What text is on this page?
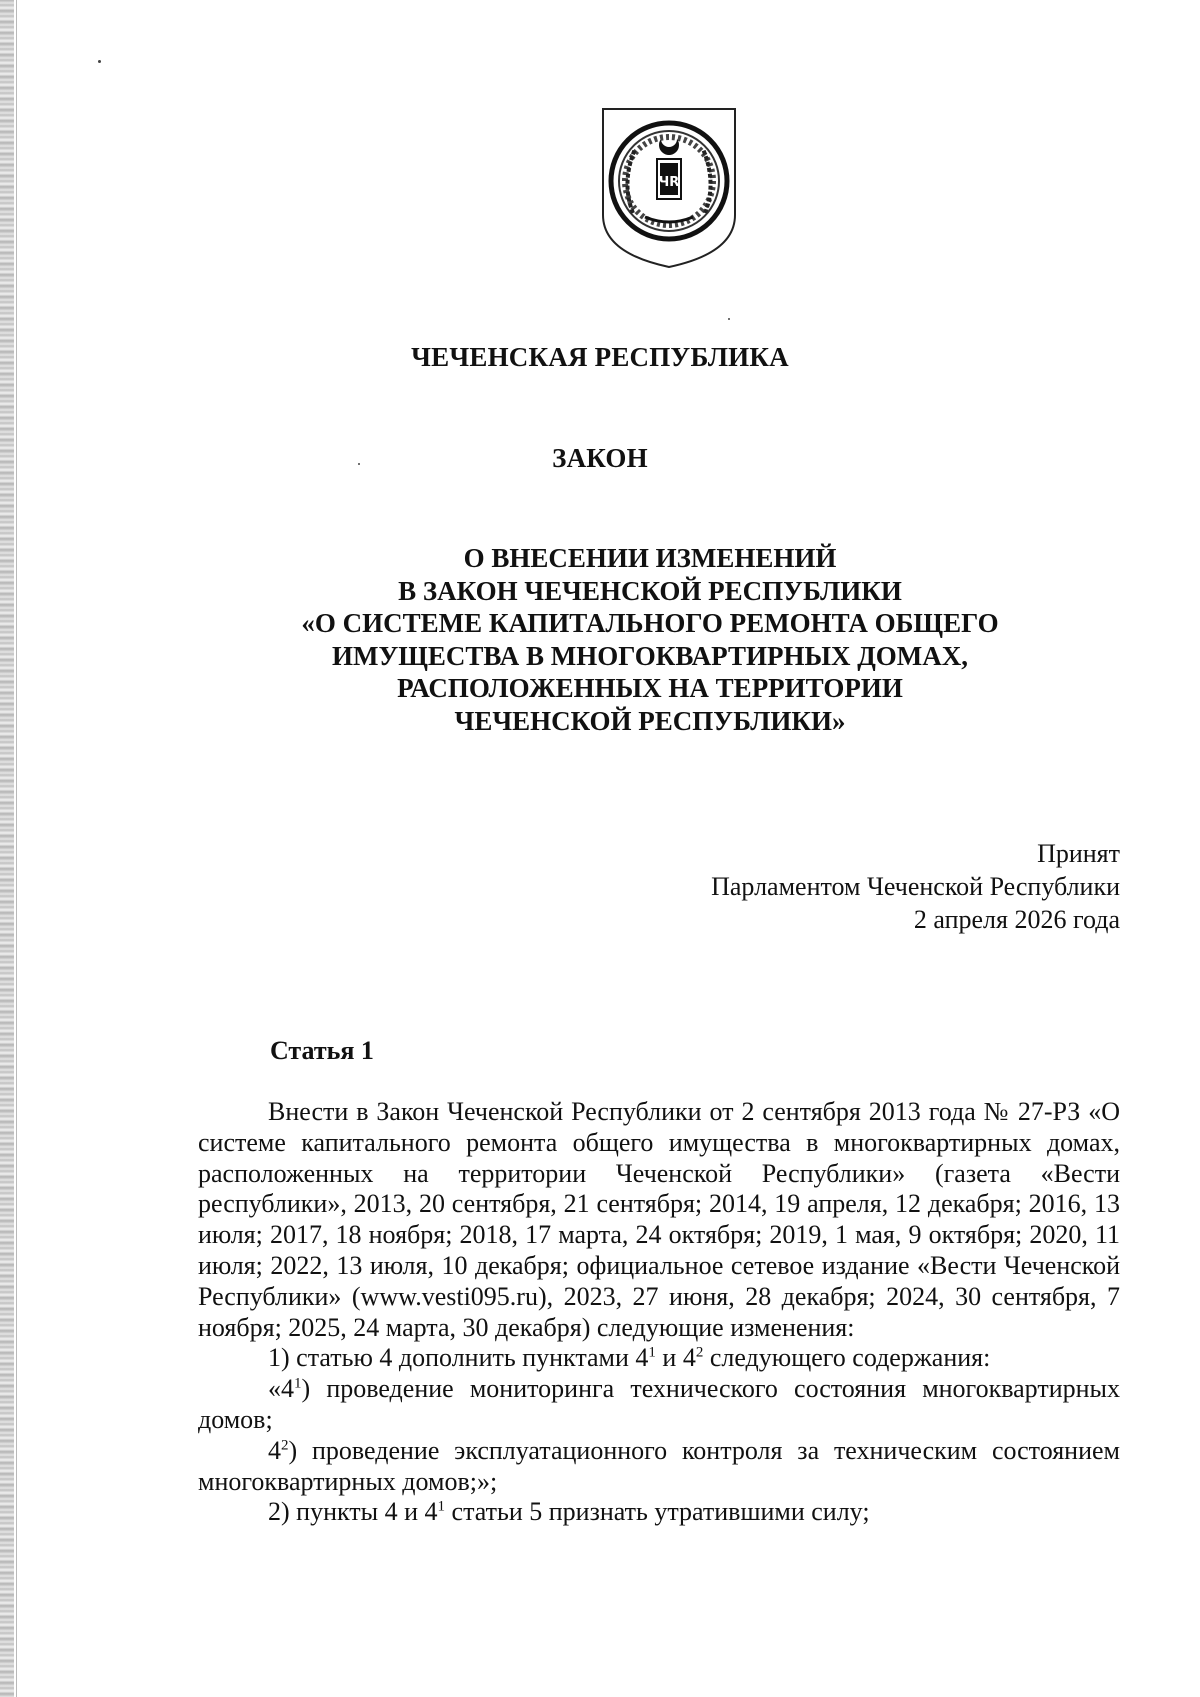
ЧR
ЧЕЧЕНСКАЯ РЕСПУБЛИКА
ЗАКОН
О ВНЕСЕНИИ ИЗМЕНЕНИЙ
В ЗАКОН ЧЕЧЕНСКОЙ РЕСПУБЛИКИ
«О СИСТЕМЕ КАПИТАЛЬНОГО РЕМОНТА ОБЩЕГО
ИМУЩЕСТВА В МНОГОКВАРТИРНЫХ ДОМАХ,
РАСПОЛОЖЕННЫХ НА ТЕРРИТОРИИ
ЧЕЧЕНСКОЙ РЕСПУБЛИКИ»
Принят
Парламентом Чеченской Республики
2 апреля 2026 года
Статья 1

Внести в Закон Чеченской Республики от 2 сентября 2013 года № 27-РЗ «О системе капитального ремонта общего имущества в многоквартирных домах, расположенных на территории Чеченской Республики» (газета «Вести республики», 2013, 20 сентября, 21 сентября; 2014, 19 апреля, 12 декабря; 2016, 13 июля; 2017, 18 ноября; 2018, 17 марта, 24 октября; 2019, 1 мая, 9 октября; 2020, 11 июля; 2022, 13 июля, 10 декабря; официальное сетевое издание «Вести Чеченской Республики» (www.vesti095.ru), 2023, 27 июня, 28 декабря; 2024, 30 сентября, 7 ноября; 2025, 24 марта, 30 декабря) следующие изменения:

1) статью 4 дополнить пунктами $4^1$ и $4^2$ следующего содержания:

«$4^1$) проведение мониторинга технического состояния многоквартирных домов;

$4^2$) проведение эксплуатационного контроля за техническим состоянием многоквартирных домов;»;

2) пункты 4 и $4^1$ статьи 5 признать утратившими силу;
